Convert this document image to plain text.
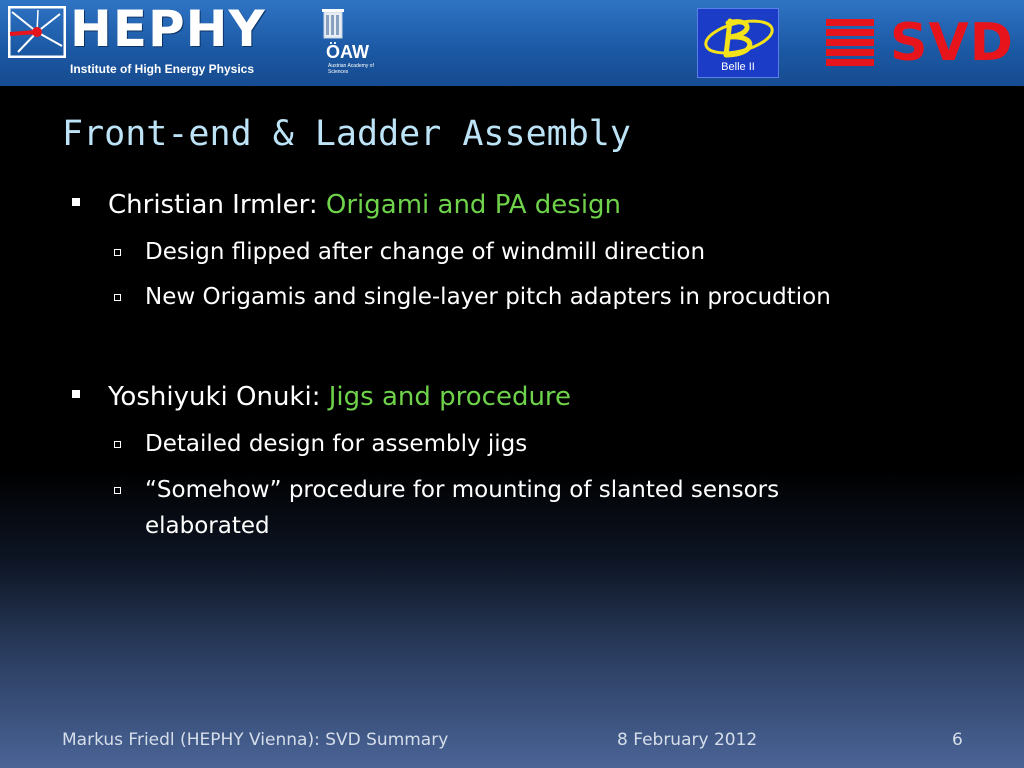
HEPHY
Institute of High Energy Physics
ÖAW
Austrian Academy of Sciences	Belle II	SVD
Front-end & Ladder Assembly
Christian Irmler: Origami and PA design
Design flipped after change of windmill direction
New Origamis and single-layer pitch adapters in procudtion
Yoshiyuki Onuki: Jigs and procedure
Detailed design for assembly jigs
“Somehow” procedure for mounting of slanted sensors elaborated
Markus Friedl (HEPHY Vienna): SVD Summary	8 February 2012	6
